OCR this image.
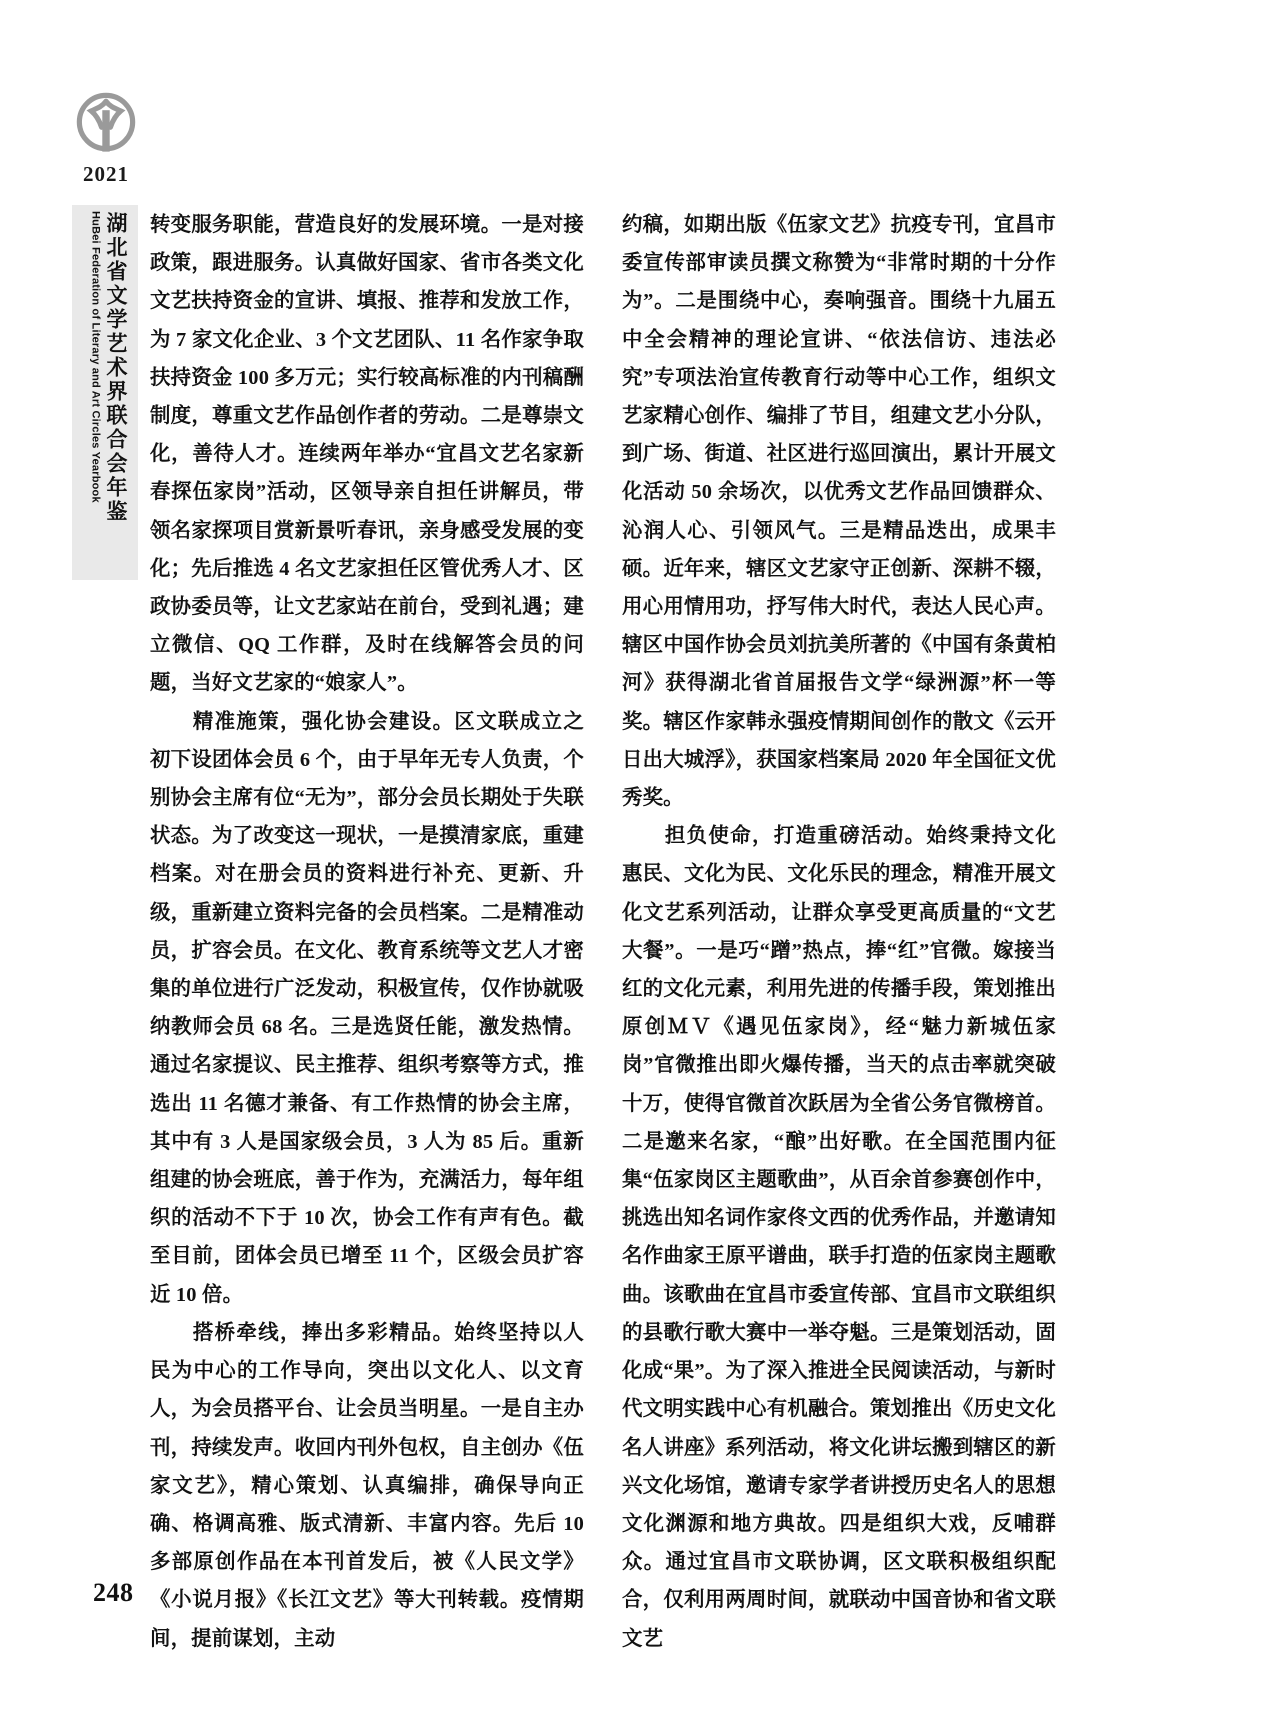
2021
湖北省文学艺术界联合会年鉴
HuBei Federation of Literary and Art Circles Yearbook 转变服务职能，营造良好的发展环境。一是对接政策，跟进服务。认真做好国家、省市各类文化文艺扶持资金的宣讲、填报、推荐和发放工作，为 7 家文化企业、3 个文艺团队、11 名作家争取扶持资金 100 多万元；实行较高标准的内刊稿酬制度，尊重文艺作品创作者的劳动。二是尊崇文化，善待人才。连续两年举办“宜昌文艺名家新春探伍家岗”活动，区领导亲自担任讲解员，带领名家探项目赏新景听春讯，亲身感受发展的变化；先后推选 4 名文艺家担任区管优秀人才、区政协委员等，让文艺家站在前台，受到礼遇；建立微信、QQ 工作群，及时在线解答会员的问题，当好文艺家的“娘家人”。

精准施策，强化协会建设。区文联成立之初下设团体会员 6 个，由于早年无专人负责，个别协会主席有位“无为”，部分会员长期处于失联状态。为了改变这一现状，一是摸清家底，重建档案。对在册会员的资料进行补充、更新、升级，重新建立资料完备的会员档案。二是精准动员，扩容会员。在文化、教育系统等文艺人才密集的单位进行广泛发动，积极宣传，仅作协就吸纳教师会员 68 名。三是选贤任能，激发热情。通过名家提议、民主推荐、组织考察等方式，推选出 11 名德才兼备、有工作热情的协会主席，其中有 3 人是国家级会员，3 人为 85 后。重新组建的协会班底，善于作为，充满活力，每年组织的活动不下于 10 次，协会工作有声有色。截至目前，团体会员已增至 11 个，区级会员扩容近 10 倍。

搭桥牵线，捧出多彩精品。始终坚持以人民为中心的工作导向，突出以文化人、以文育人，为会员搭平台、让会员当明星。一是自主办刊，持续发声。收回内刊外包权，自主创办《伍家文艺》，精心策划、认真编排，确保导向正确、格调高雅、版式清新、丰富内容。先后 10 多部原创作品在本刊首发后，被《人民文学》《小说月报》《长江文艺》等大刊转载。疫情期间，提前谋划，主动

约稿，如期出版《伍家文艺》抗疫专刊，宜昌市委宣传部审读员撰文称赞为“非常时期的十分作为”。二是围绕中心，奏响强音。围绕十九届五中全会精神的理论宣讲、“依法信访、违法必究”专项法治宣传教育行动等中心工作，组织文艺家精心创作、编排了节目，组建文艺小分队，到广场、街道、社区进行巡回演出，累计开展文化活动 50 余场次，以优秀文艺作品回馈群众、沁润人心、引领风气。三是精品迭出，成果丰硕。近年来，辖区文艺家守正创新、深耕不辍，用心用情用功，抒写伟大时代，表达人民心声。辖区中国作协会员刘抗美所著的《中国有条黄柏河》获得湖北省首届报告文学“绿洲源”杯一等奖。辖区作家韩永强疫情期间创作的散文《云开日出大城浮》，获国家档案局 2020 年全国征文优秀奖。

担负使命，打造重磅活动。始终秉持文化惠民、文化为民、文化乐民的理念，精准开展文化文艺系列活动，让群众享受更高质量的“文艺大餐”。一是巧“蹭”热点，捧“红”官微。嫁接当红的文化元素，利用先进的传播手段，策划推出原创ＭＶ《遇见伍家岗》，经“魅力新城伍家岗”官微推出即火爆传播，当天的点击率就突破十万，使得官微首次跃居为全省公务官微榜首。二是邀来名家，“酿”出好歌。在全国范围内征集“伍家岗区主题歌曲”，从百余首参赛创作中，挑选出知名词作家佟文西的优秀作品，并邀请知名作曲家王原平谱曲，联手打造的伍家岗主题歌曲。该歌曲在宜昌市委宣传部、宜昌市文联组织的县歌行歌大赛中一举夺魁。三是策划活动，固化成“果”。为了深入推进全民阅读活动，与新时代文明实践中心有机融合。策划推出《历史文化名人讲座》系列活动，将文化讲坛搬到辖区的新兴文化场馆，邀请专家学者讲授历史名人的思想文化渊源和地方典故。四是组织大戏，反哺群众。通过宜昌市文联协调，区文联积极组织配合，仅利用两周时间，就联动中国音协和省文联文艺

248
